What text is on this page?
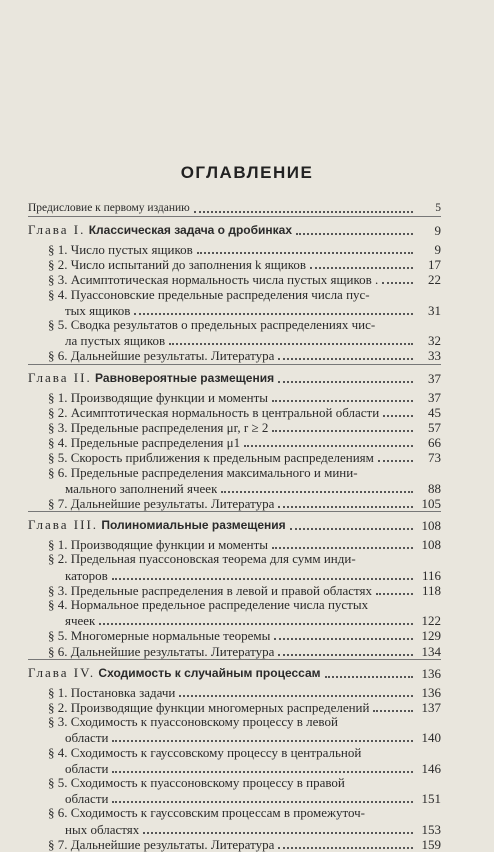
ОГЛАВЛЕНИЕ
Предисловие к первому изданию	5
Глава I. Классическая задача о дробинках	9
§ 1. Число пустых ящиков	9
§ 2. Число испытаний до заполнения k ящиков	17
§ 3. Асимптотическая нормальность числа пустых ящиков .	22
§ 4. Пуассоновские предельные распределения числа пус-
тых ящиков	31
§ 5. Сводка результатов о предельных распределениях чис-
ла пустых ящиков	32
§ 6. Дальнейшие результаты. Литература	33
Глава II. Равновероятные размещения	37
§ 1. Производящие функции и моменты	37
§ 2. Асимптотическая нормальность в центральной области	45
§ 3. Предельные распределения μr, r ≥ 2	57
§ 4. Предельные распределения μ1	66
§ 5. Скорость приближения к предельным распределениям	73
§ 6. Предельные распределения максимального и мини-
мального заполнений ячеек	88
§ 7. Дальнейшие результаты. Литература	105
Глава III. Полиномиальные размещения	108
§ 1. Производящие функции и моменты	108
§ 2. Предельная пуассоновская теорема для сумм инди-
каторов	116
§ 3. Предельные распределения в левой и правой областях	118
§ 4. Нормальное предельное распределение числа пустых
ячеек	122
§ 5. Многомерные нормальные теоремы	129
§ 6. Дальнейшие результаты. Литература	134
Глава IV. Сходимость к случайным процессам	136
§ 1. Постановка задачи	136
§ 2. Производящие функции многомерных распределений	137
§ 3. Сходимость к пуассоновскому процессу в левой
области	140
§ 4. Сходимость к гауссовскому процессу в центральной
области	146
§ 5. Сходимость к пуассоновскому процессу в правой
области	151
§ 6. Сходимость к гауссовским процессам в промежуточ-
ных областях	153
§ 7. Дальнейшие результаты. Литература	159
